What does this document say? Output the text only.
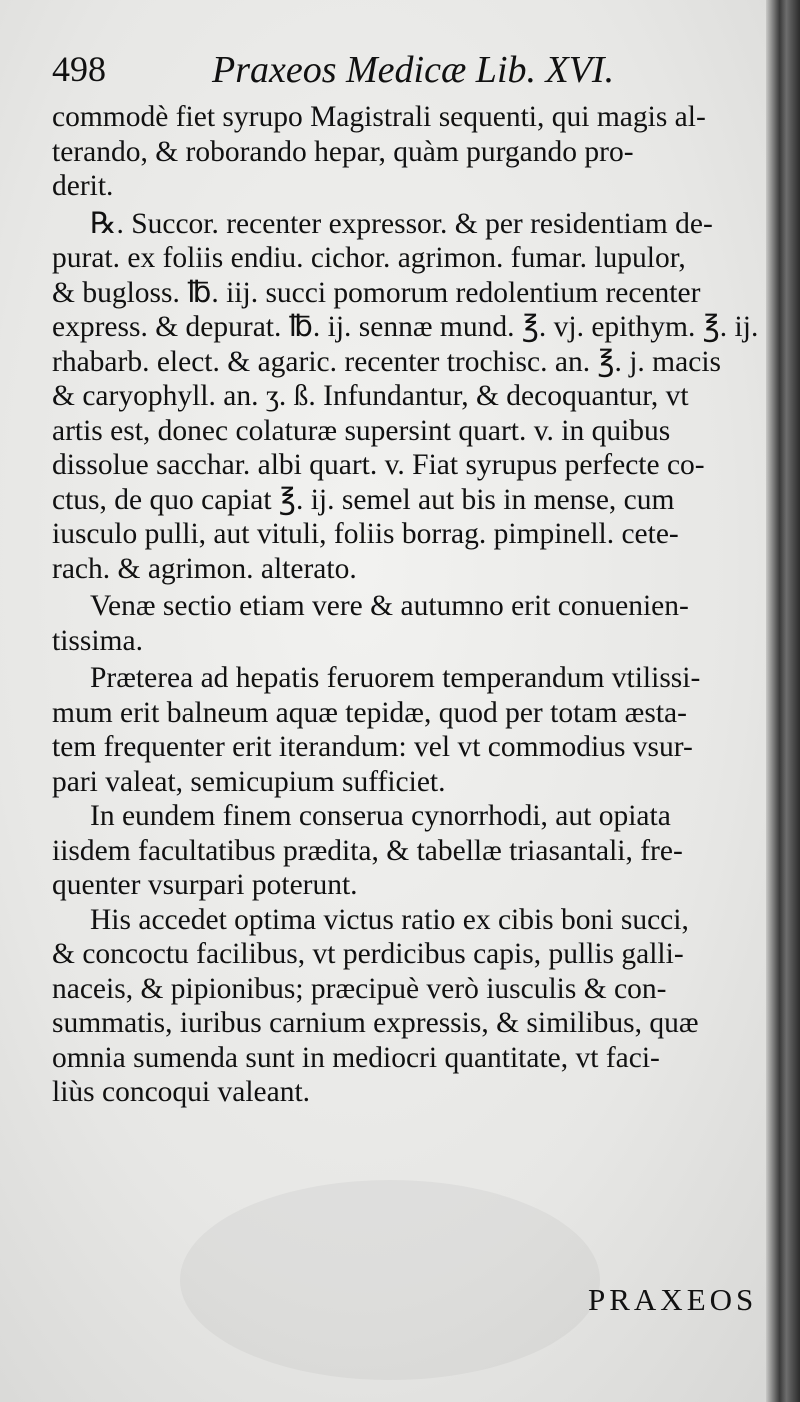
498	Praxeos Medicæ Lib. XVI.
commodè fiet syrupo Magistrali sequenti, qui magis al-
terando, & roborando hepar, quàm purgando pro-
derit.
℞. Succor. recenter expressor. & per residentiam de-
purat. ex foliis endiu. cichor. agrimon. fumar. lupulor,
& bugloss. ℔. iij. succi pomorum redolentium recenter
express. & depurat. ℔. ij. sennæ mund. ℥. vj. epithym. ℥. ij.
rhabarb. elect. & agaric. recenter trochisc. an. ℥. j. macis
& caryophyll. an. ʒ. ß. Infundantur, & decoquantur, vt
artis est, donec colaturæ supersint quart. v. in quibus
dissolue sacchar. albi quart. v. Fiat syrupus perfecte co-
ctus, de quo capiat ℥. ij. semel aut bis in mense, cum
iusculo pulli, aut vituli, foliis borrag. pimpinell. cete-
rach. & agrimon. alterato.
Venæ sectio etiam vere & autumno erit conuenien-
tissima.
Præterea ad hepatis feruorem temperandum vtilissi-
mum erit balneum aquæ tepidæ, quod per totam æsta-
tem frequenter erit iterandum: vel vt commodius vsur-
pari valeat, semicupium sufficiet.
In eundem finem conserua cynorrhodi, aut opiata
iisdem facultatibus prædita, & tabellæ triasantali, fre-
quenter vsurpari poterunt.
His accedet optima victus ratio ex cibis boni succi,
& concoctu facilibus, vt perdicibus capis, pullis galli-
naceis, & pipionibus; præcipuè verò iusculis & con-
summatis, iuribus carnium expressis, & similibus, quæ
omnia sumenda sunt in mediocri quantitate, vt faci-
liùs concoqui valeant.
PRAXEOS
